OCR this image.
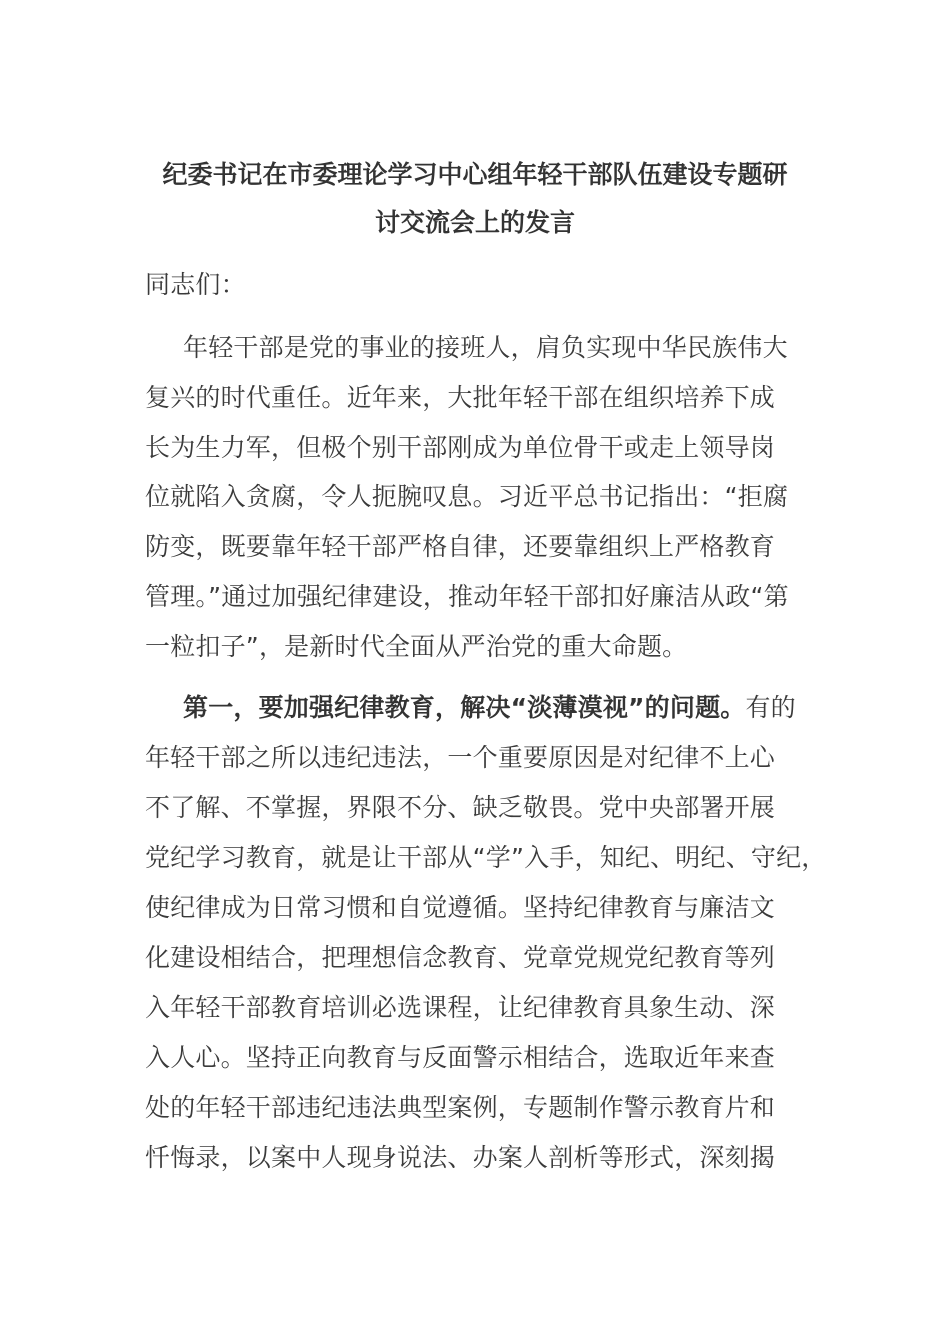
纪委书记在市委理论学习中心组年轻干部队伍建设专题研
讨交流会上的发言
同志们：
年轻干部是党的事业的接班人，肩负实现中华民族伟大
复兴的时代重任。近年来，大批年轻干部在组织培养下成
长为生力军，但极个别干部刚成为单位骨干或走上领导岗
位就陷入贪腐，令人扼腕叹息。习近平总书记指出：“拒腐
防变，既要靠年轻干部严格自律，还要靠组织上严格教育
管理。”通过加强纪律建设，推动年轻干部扣好廉洁从政“第
一粒扣子”，是新时代全面从严治党的重大命题。
第一，要加强纪律教育，解决“淡薄漠视”的问题。有的
年轻干部之所以违纪违法，一个重要原因是对纪律不上心
不了解、不掌握，界限不分、缺乏敬畏。党中央部署开展
党纪学习教育，就是让干部从“学”入手，知纪、明纪、守纪，
使纪律成为日常习惯和自觉遵循。坚持纪律教育与廉洁文
化建设相结合，把理想信念教育、党章党规党纪教育等列
入年轻干部教育培训必选课程，让纪律教育具象生动、深
入人心。坚持正向教育与反面警示相结合，选取近年来查
处的年轻干部违纪违法典型案例，专题制作警示教育片和
忏悔录，以案中人现身说法、办案人剖析等形式，深刻揭
